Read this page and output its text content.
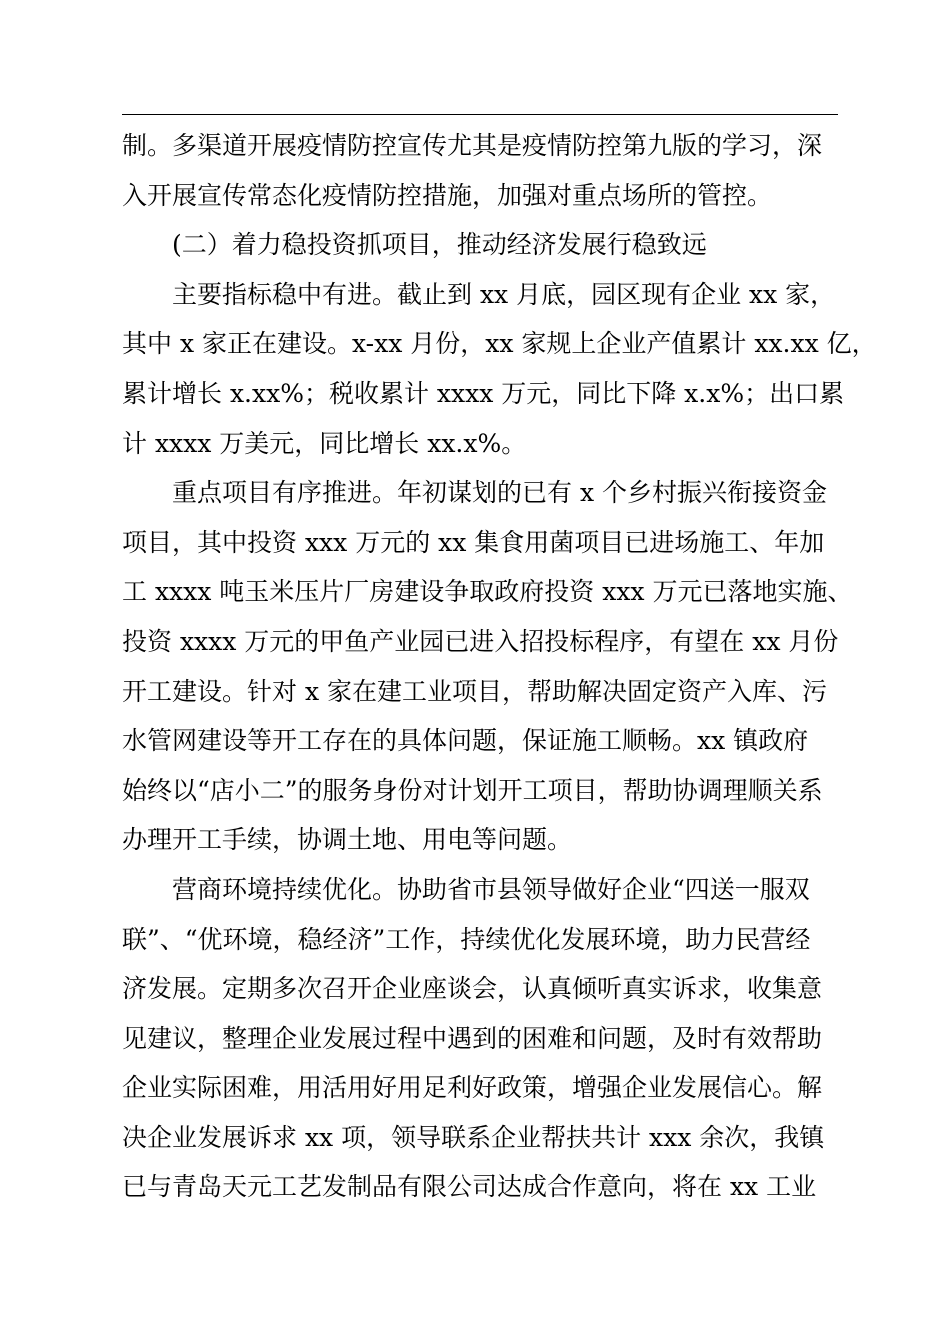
制。多渠道开展疫情防控宣传尤其是疫情防控第九版的学习，深
入开展宣传常态化疫情防控措施，加强对重点场所的管控。
(二）着力稳投资抓项目，推动经济发展行稳致远
主要指标稳中有进。截止到 xx 月底，园区现有企业 xx 家，
其中 x 家正在建设。x-xx 月份，xx 家规上企业产值累计 xx.xx 亿，
累计增长 x.xx%；税收累计 xxxx 万元，同比下降 x.x%；出口累
计 xxxx 万美元，同比增长 xx.x%。
重点项目有序推进。年初谋划的已有 x 个乡村振兴衔接资金
项目，其中投资 xxx 万元的 xx 集食用菌项目已进场施工、年加
工 xxxx 吨玉米压片厂房建设争取政府投资 xxx 万元已落地实施、
投资 xxxx 万元的甲鱼产业园已进入招投标程序，有望在 xx 月份
开工建设。针对 x 家在建工业项目，帮助解决固定资产入库、污
水管网建设等开工存在的具体问题，保证施工顺畅。xx 镇政府
始终以“店小二”的服务身份对计划开工项目，帮助协调理顺关系
办理开工手续，协调土地、用电等问题。
营商环境持续优化。协助省市县领导做好企业“四送一服双
联”、“优环境，稳经济”工作，持续优化发展环境，助力民营经
济发展。定期多次召开企业座谈会，认真倾听真实诉求，收集意
见建议，整理企业发展过程中遇到的困难和问题，及时有效帮助
企业实际困难，用活用好用足利好政策，增强企业发展信心。解
决企业发展诉求 xx 项，领导联系企业帮扶共计 xxx 余次，我镇
已与青岛天元工艺发制品有限公司达成合作意向，将在 xx 工业
